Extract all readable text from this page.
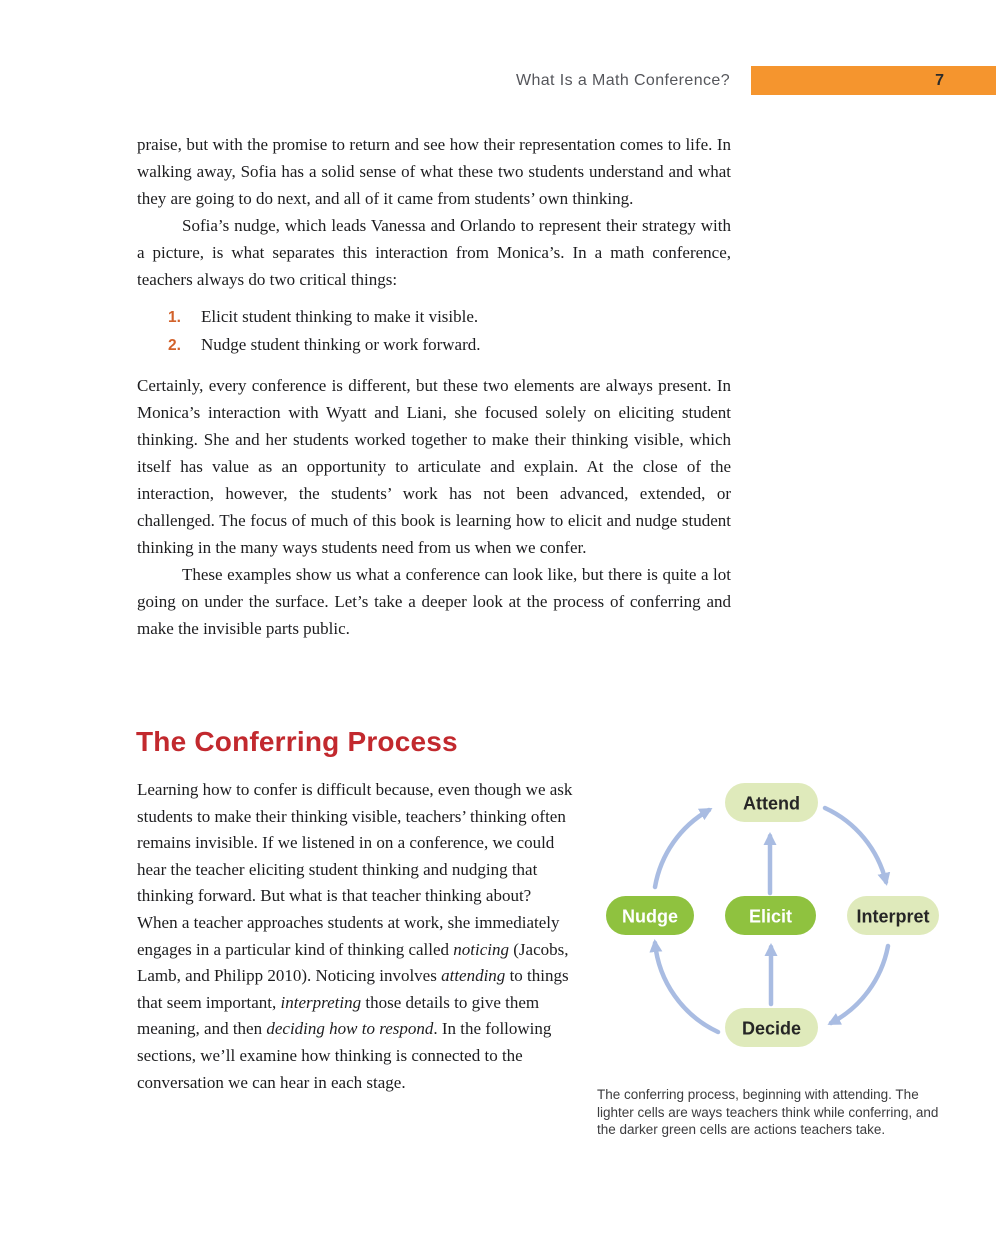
What Is a Math Conference?	7

praise, but with the promise to return and see how their representation comes to life. In walking away, Sofia has a solid sense of what these two students understand and what they are going to do next, and all of it came from students’ own thinking.

Sofia’s nudge, which leads Vanessa and Orlando to represent their strategy with a picture, is what separates this interaction from Monica’s. In a math conference, teachers always do two critical things:

1.	Elicit student thinking to make it visible.
2.	Nudge student thinking or work forward.

Certainly, every conference is different, but these two elements are always present. In Monica’s interaction with Wyatt and Liani, she focused solely on eliciting student thinking. She and her students worked together to make their thinking visible, which itself has value as an opportunity to articulate and explain. At the close of the interaction, however, the students’ work has not been advanced, extended, or challenged. The focus of much of this book is learning how to elicit and nudge student thinking in the many ways students need from us when we confer.

These examples show us what a conference can look like, but there is quite a lot going on under the surface. Let’s take a deeper look at the process of conferring and make the invisible parts public.

The Conferring Process
Learning how to confer is difficult because, even though we ask students to make their thinking visible, teachers’ thinking often remains invisible. If we listened in on a conference, we could hear the teacher eliciting student thinking and nudging that thinking forward. But what is that teacher thinking about? When a teacher approaches students at work, she immediately engages in a particular kind of thinking called noticing (Jacobs, Lamb, and Philipp 2010). Noticing involves attending to things that seem important, interpreting those details to give them meaning, and then deciding how to respond. In the following sections, we’ll examine how thinking is connected to the conversation we can hear in each stage.
Attend
Nudge	Elicit	Interpret
Decide
The conferring process, beginning with attending. The lighter cells are ways teachers think while conferring, and the darker green cells are actions teachers take.
